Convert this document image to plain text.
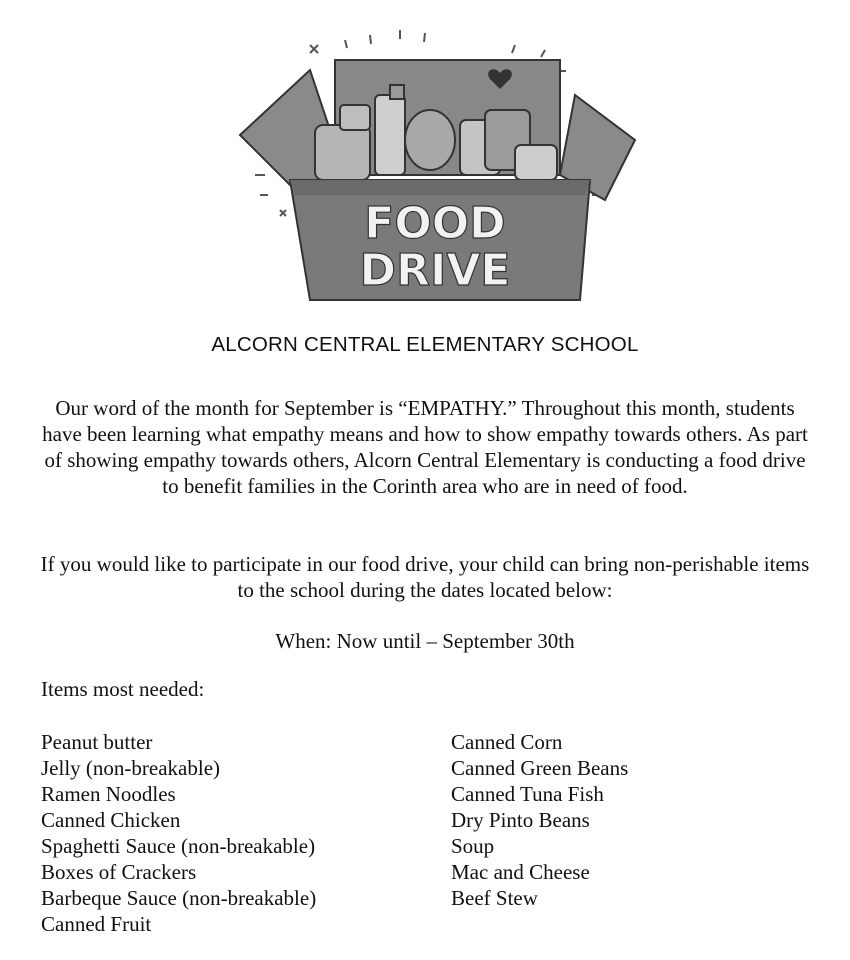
FOOD
DRIVE
ALCORN CENTRAL ELEMENTARY SCHOOL
Our word of the month for September is “EMPATHY.” Throughout this month, students have been learning what empathy means and how to show empathy towards others. As part of showing empathy towards others, Alcorn Central Elementary is conducting a food drive to benefit families in the Corinth area who are in need of food.
If you would like to participate in our food drive, your child can bring non-perishable items to the school during the dates located below:
When: Now until – September 30th
Items most needed:
Peanut butter
Jelly (non-breakable)
Ramen Noodles
Canned Chicken
Spaghetti Sauce (non-breakable)
Boxes of Crackers
Barbeque Sauce (non-breakable)
Canned Fruit
Canned Corn
Canned Green Beans
Canned Tuna Fish
Dry Pinto Beans
Soup
Mac and Cheese
Beef Stew
